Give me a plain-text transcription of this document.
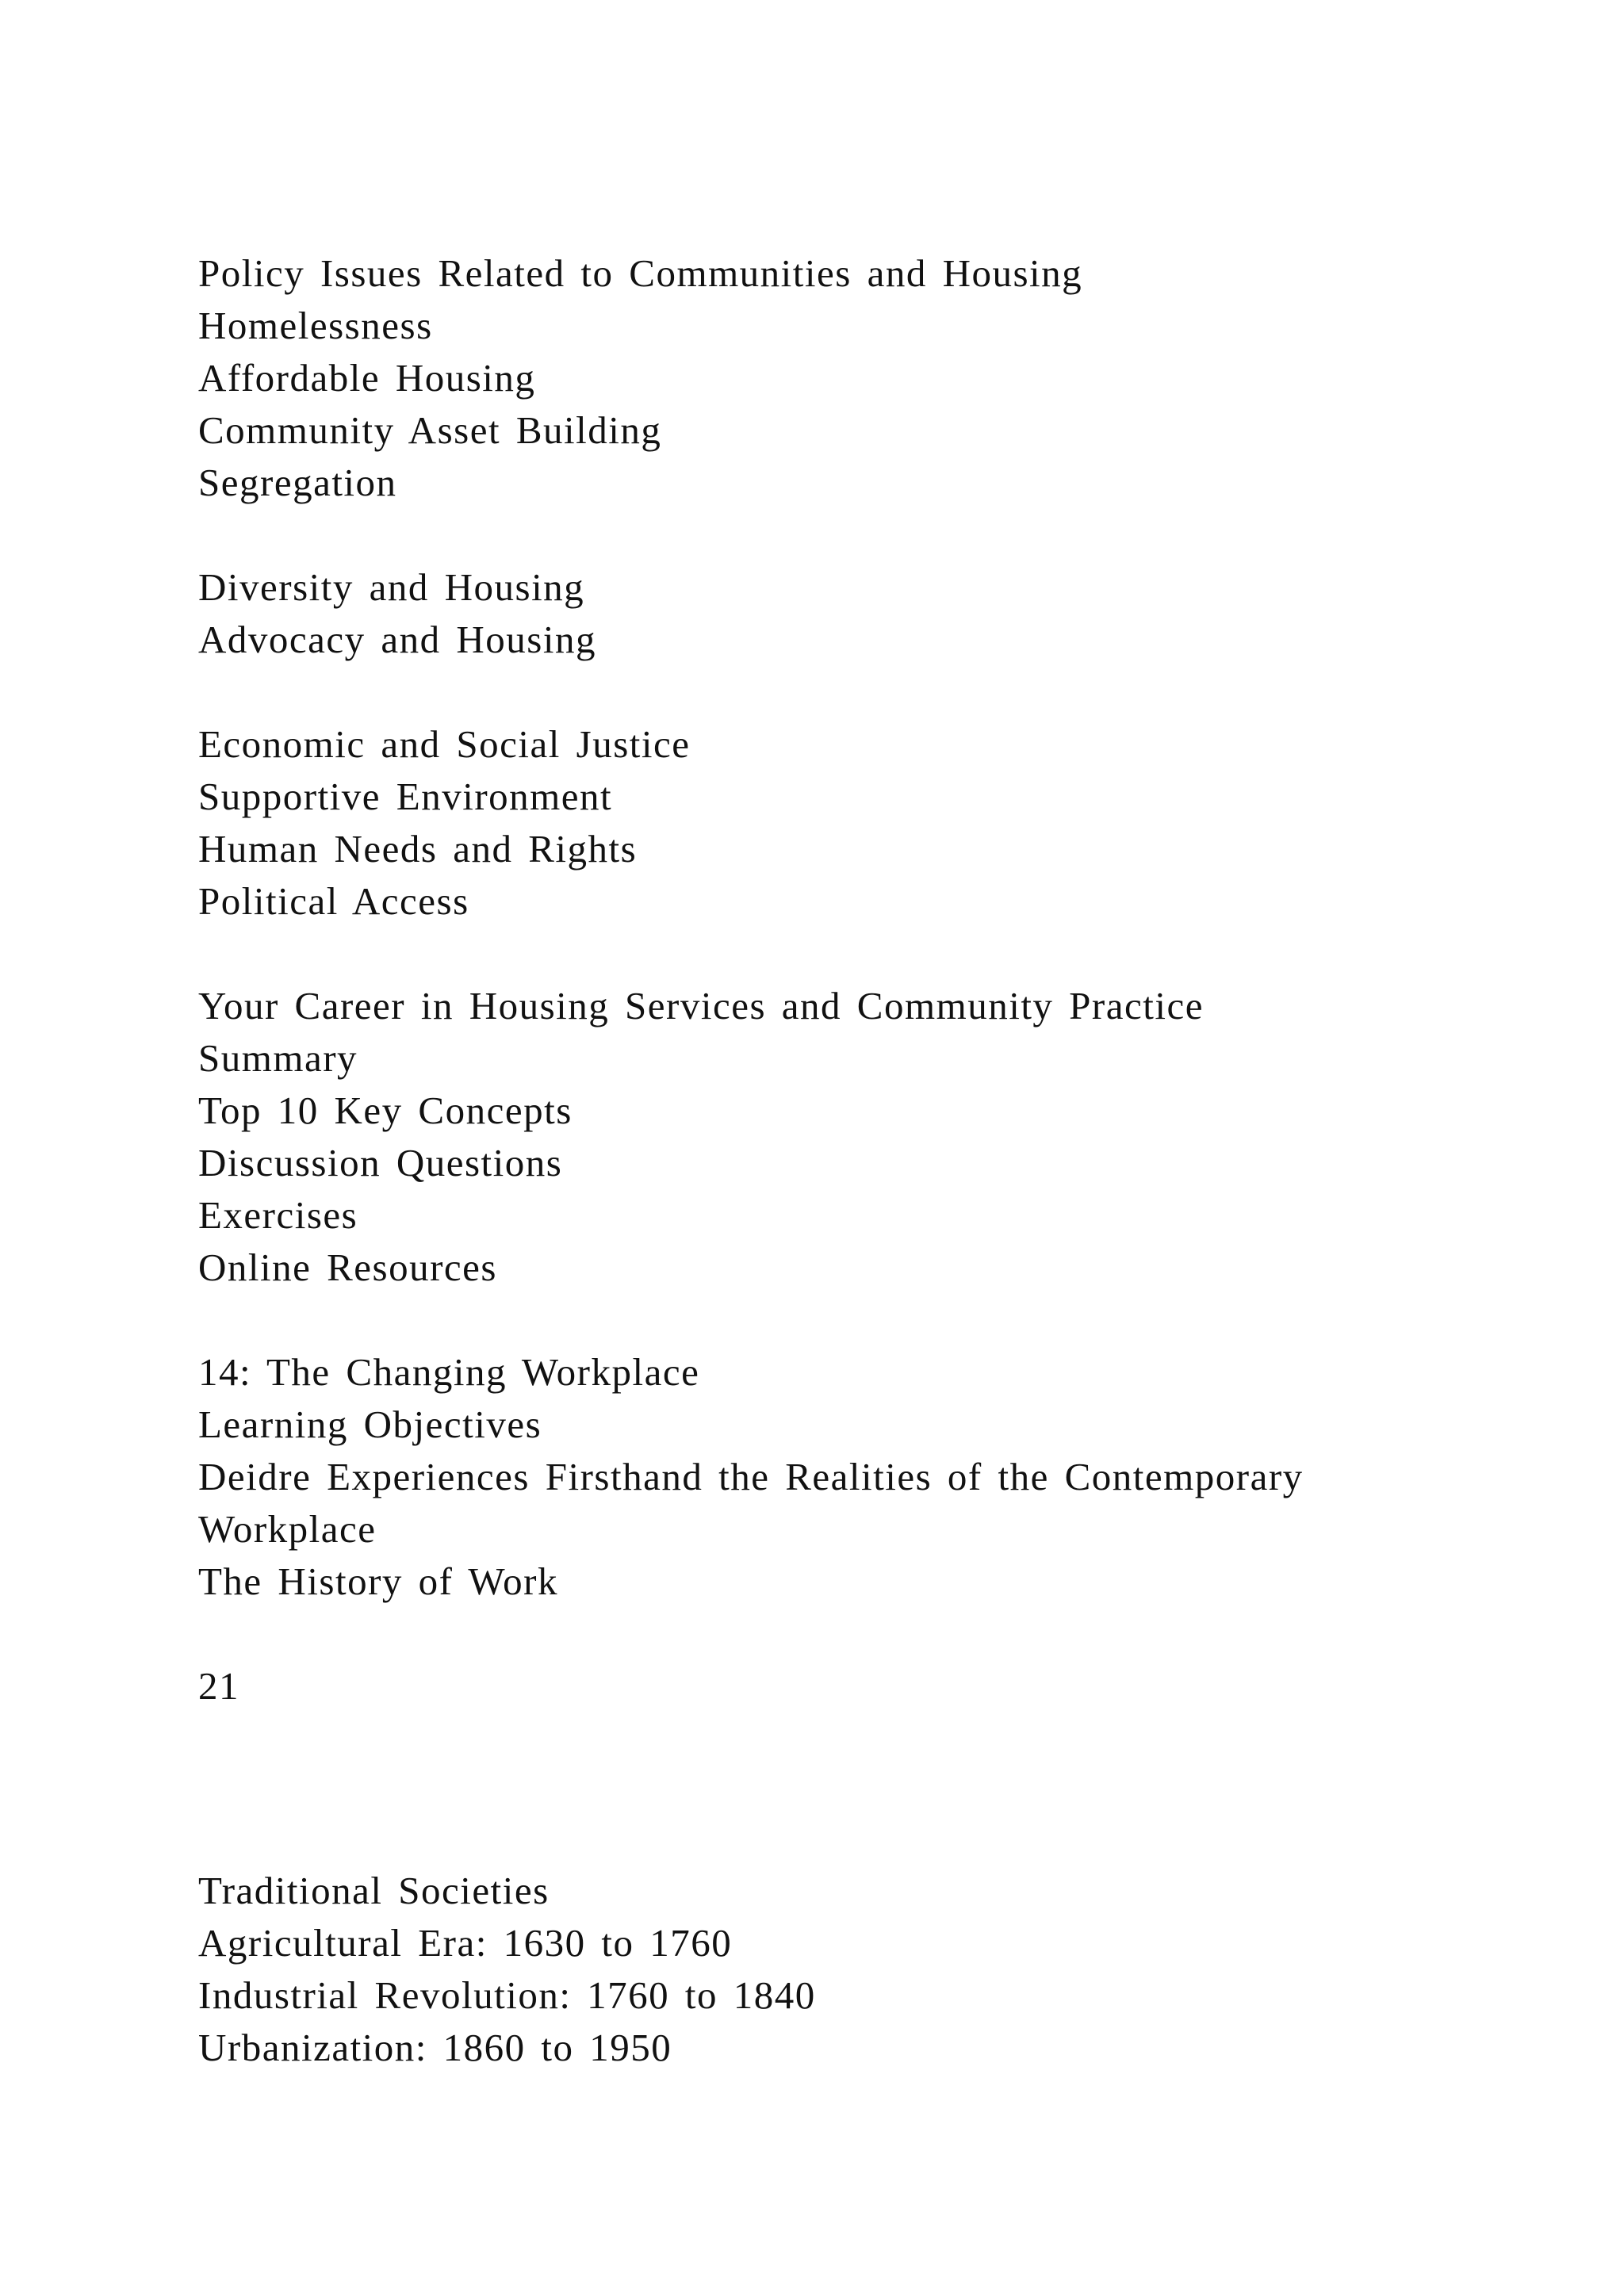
Policy Issues Related to Communities and Housing
Homelessness
Affordable Housing
Community Asset Building
Segregation
Diversity and Housing
Advocacy and Housing
Economic and Social Justice
Supportive Environment
Human Needs and Rights
Political Access
Your Career in Housing Services and Community Practice
Summary
Top 10 Key Concepts
Discussion Questions
Exercises
Online Resources
14: The Changing Workplace
Learning Objectives
Deidre Experiences Firsthand the Realities of the Contemporary
Workplace
The History of Work
21
Traditional Societies
Agricultural Era: 1630 to 1760
Industrial Revolution: 1760 to 1840
Urbanization: 1860 to 1950
